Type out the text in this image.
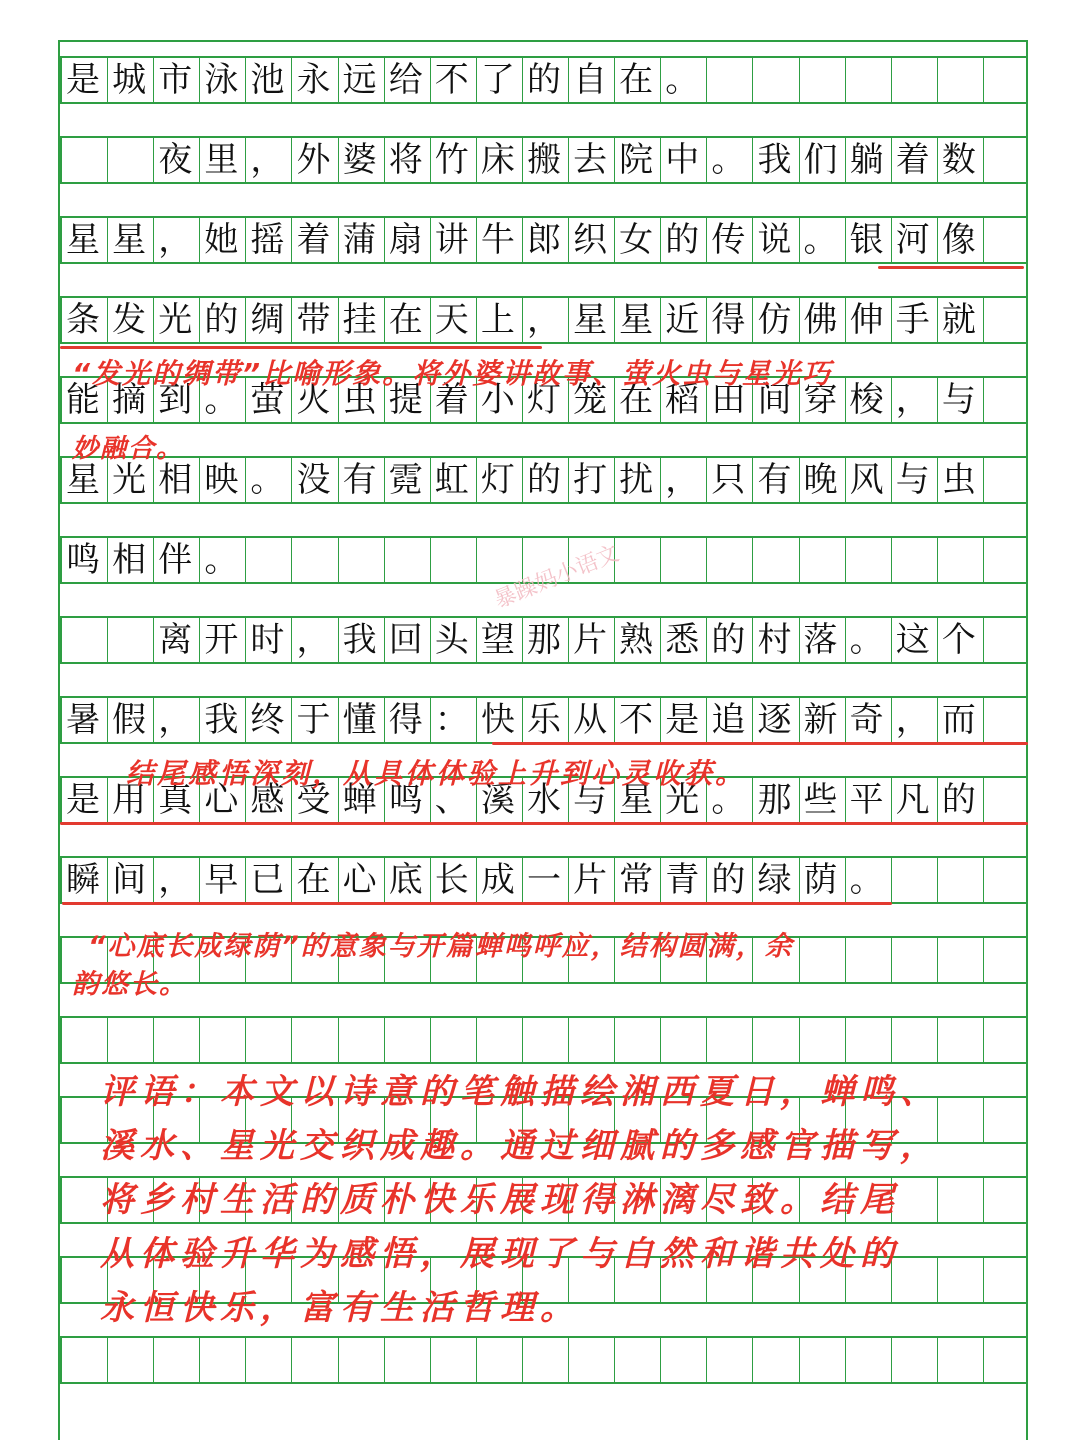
是 城 市 泳 池 永 远 给 不 了 的 自 在 。
夜 里 ， 外 婆 将 竹 床 搬 去 院 中 。 我 们 躺 着 数
星 星 ， 她 摇 着 蒲 扇 讲 牛 郎 织 女 的 传 说 。 银 河 像
条 发 光 的 绸 带 挂 在 天 上 ， 星 星 近 得 仿 佛 伸 手 就
能 摘 到 。 萤 火 虫 提 着 小 灯 笼 在 稻 田 间 穿 梭 ， 与
星 光 相 映 。 没 有 霓 虹 灯 的 打 扰 ， 只 有 晚 风 与 虫
鸣 相 伴 。
离 开 时 ， 我 回 头 望 那 片 熟 悉 的 村 落 。 这 个
暑 假 ， 我 终 于 懂 得 ： 快 乐 从 不 是 追 逐 新 奇 ， 而
是 用 真 心 感 受 蝉 鸣 、 溪 水 与 星 光 。 那 些 平 凡 的
瞬 间 ， 早 已 在 心 底 长 成 一 片 常 青 的 绿 荫 。
“发光的绸带”比喻形象。将外婆讲故事、萤火虫与星光巧
妙融合。
结尾感悟深刻，从具体体验上升到心灵收获。
“心底长成绿荫”的意象与开篇蝉鸣呼应，结构圆满，余
韵悠长。
评语：本文以诗意的笔触描绘湘西夏日，蝉鸣、
溪水、星光交织成趣。通过细腻的多感官描写，
将乡村生活的质朴快乐展现得淋漓尽致。结尾
从体验升华为感悟，展现了与自然和谐共处的
永恒快乐，富有生活哲理。
暴躁妈小语文
